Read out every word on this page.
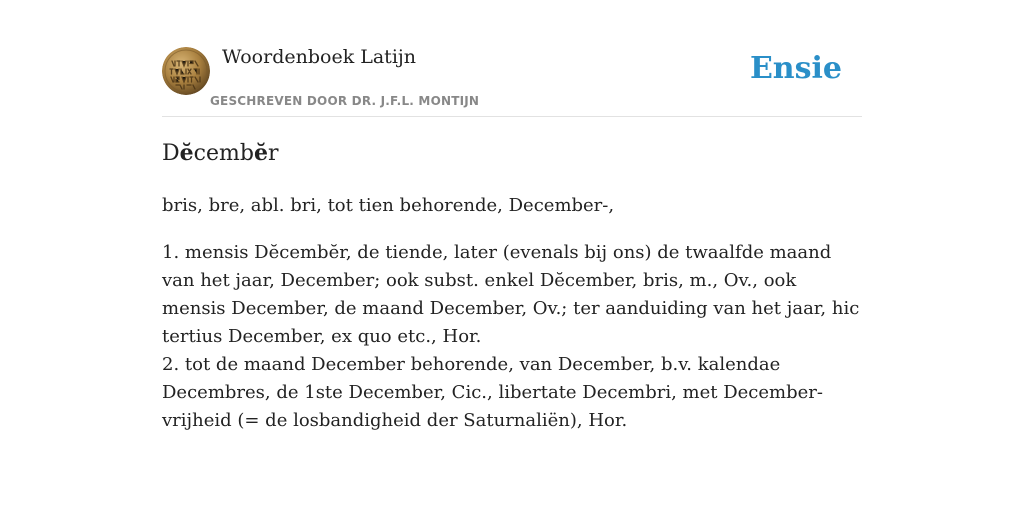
Woordenboek Latijn
GESCHREVEN DOOR DR. J.F.L. MONTIJN
Ensie
Dĕcembĕr

bris, bre, abl. bri, tot tien behorende, December-,

1. mensis Dĕcembĕr, de tiende, later (evenals bij ons) de twaalfde maand van het jaar, December; ook subst. enkel Dĕcember, bris, m., Ov., ook mensis December, de maand December, Ov.; ter aanduiding van het jaar, hic tertius December, ex quo etc., Hor.

2. tot de maand December behorende, van December, b.v. kalendae Decembres, de 1ste December, Cic., libertate Decembri, met December-vrijheid (= de losbandigheid der Saturnaliën), Hor.
